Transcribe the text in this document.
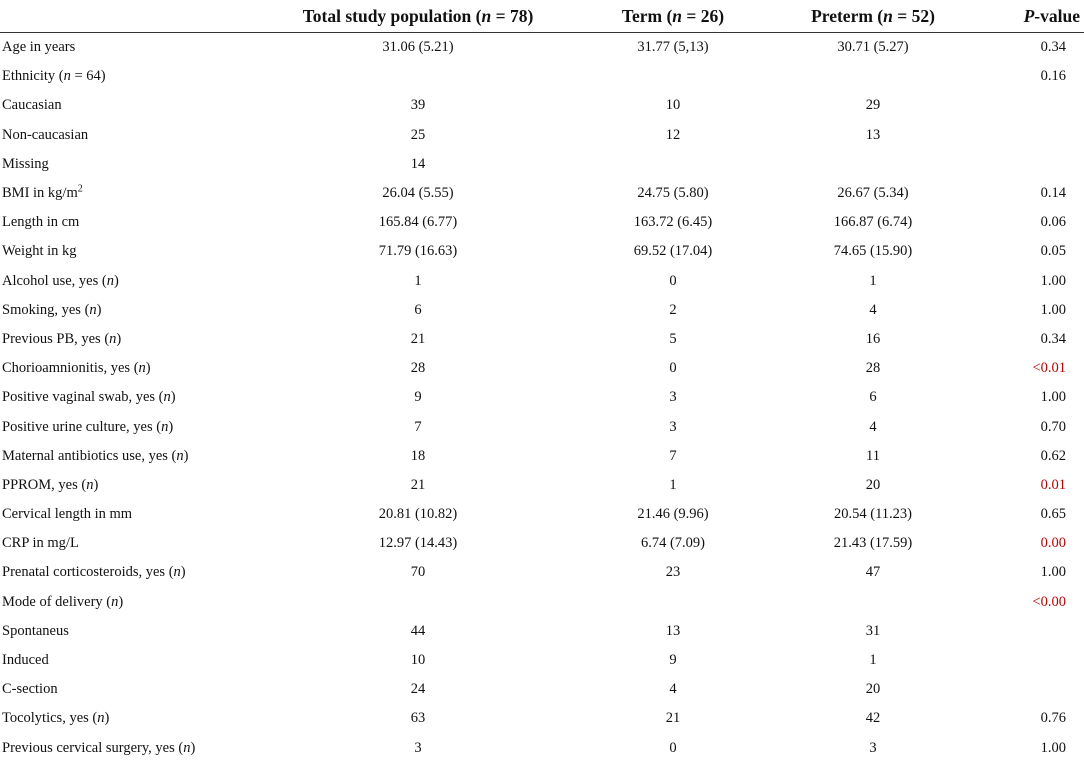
	Total study population (n = 78)	Term (n = 26)	Preterm (n = 52)	P-value
Age in years	31.06 (5.21)	31.77 (5,13)	30.71 (5.27)	0.34
Ethnicity (n = 64)				0.16
Caucasian	39	10	29	
Non-caucasian	25	12	13	
Missing	14			
BMI in $kg/m^2$	26.04 (5.55)	24.75 (5.80)	26.67 (5.34)	0.14
Length in cm	165.84 (6.77)	163.72 (6.45)	166.87 (6.74)	0.06
Weight in kg	71.79 (16.63)	69.52 (17.04)	74.65 (15.90)	0.05
Alcohol use, yes (n)	1	0	1	1.00
Smoking, yes (n)	6	2	4	1.00
Previous PB, yes (n)	21	5	16	0.34
Chorioamnionitis, yes (n)	28	0	28	<0.01
Positive vaginal swab, yes (n)	9	3	6	1.00
Positive urine culture, yes (n)	7	3	4	0.70
Maternal antibiotics use, yes (n)	18	7	11	0.62
PPROM, yes (n)	21	1	20	0.01
Cervical length in mm	20.81 (10.82)	21.46 (9.96)	20.54 (11.23)	0.65
CRP in mg/L	12.97 (14.43)	6.74 (7.09)	21.43 (17.59)	0.00
Prenatal corticosteroids, yes (n)	70	23	47	1.00
Mode of delivery (n)				<0.00
Spontaneus	44	13	31	
Induced	10	9	1	
C-section	24	4	20	
Tocolytics, yes (n)	63	21	42	0.76
Previous cervical surgery, yes (n)	3	0	3	1.00
